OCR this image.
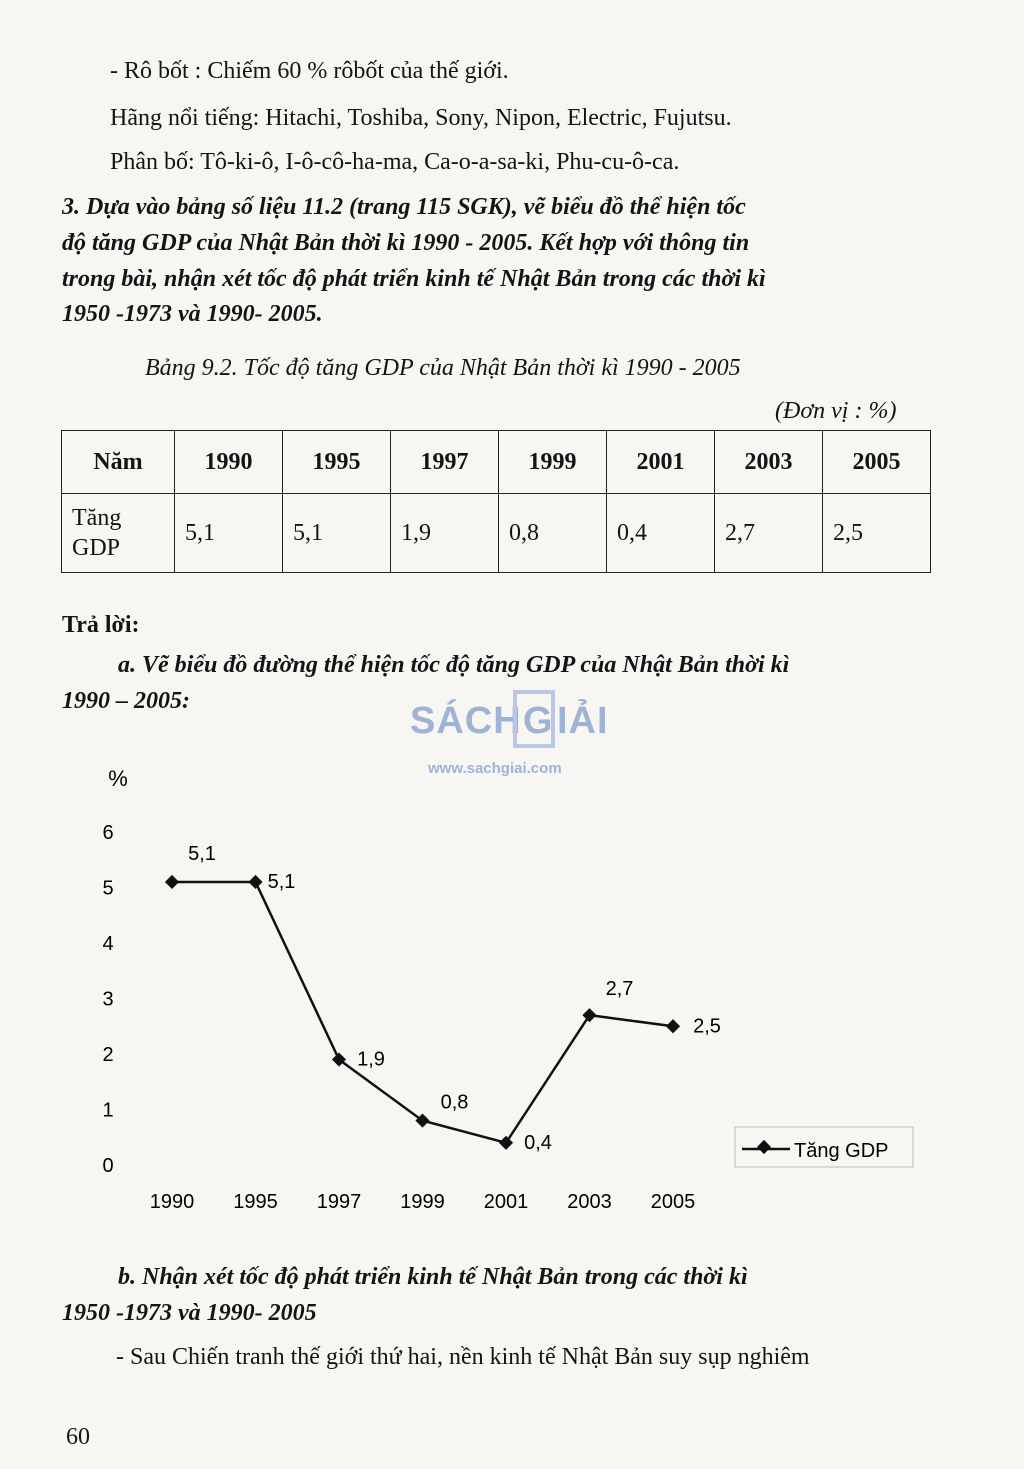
- Rô bốt : Chiếm 60 % rôbốt của thế giới.
Hãng nổi tiếng: Hitachi, Toshiba, Sony, Nipon, Electric, Fujutsu.
Phân bố: Tô-ki-ô, I-ô-cô-ha-ma, Ca-o-a-sa-ki, Phu-cu-ô-ca.
3. Dựa vào bảng số liệu 11.2 (trang 115 SGK), vẽ biểu đồ thể hiện tốc
độ tăng GDP của Nhật Bản thời kì 1990 - 2005. Kết hợp với thông tin
trong bài, nhận xét tốc độ phát triển kinh tế Nhật Bản trong các thời kì
1950 -1973 và 1990- 2005.
Bảng 9.2. Tốc độ tăng GDP của Nhật Bản thời kì 1990 - 2005
(Đơn vị : %)
Năm	1990	1995	1997	1999	2001	2003	2005
Tăng
GDP	5,1	5,1	1,9	0,8	0,4	2,7	2,5
Trả lời:
a. Vẽ biểu đồ đường thể hiện tốc độ tăng GDP của Nhật Bản thời kì
1990 – 2005:	SÁCH G IẢI
www.sachgiai.com
0
1
2
3
4
5
6
%
1990 1995 1997 1999 2001 2003 2005
5,1
5,1
1,9
0,8
0,4
2,7
2,5
Tăng GDP
b. Nhận xét tốc độ phát triển kinh tế Nhật Bản trong các thời kì
1950 -1973 và 1990- 2005
- Sau Chiến tranh thế giới thứ hai, nền kinh tế Nhật Bản suy sụp nghiêm
60
